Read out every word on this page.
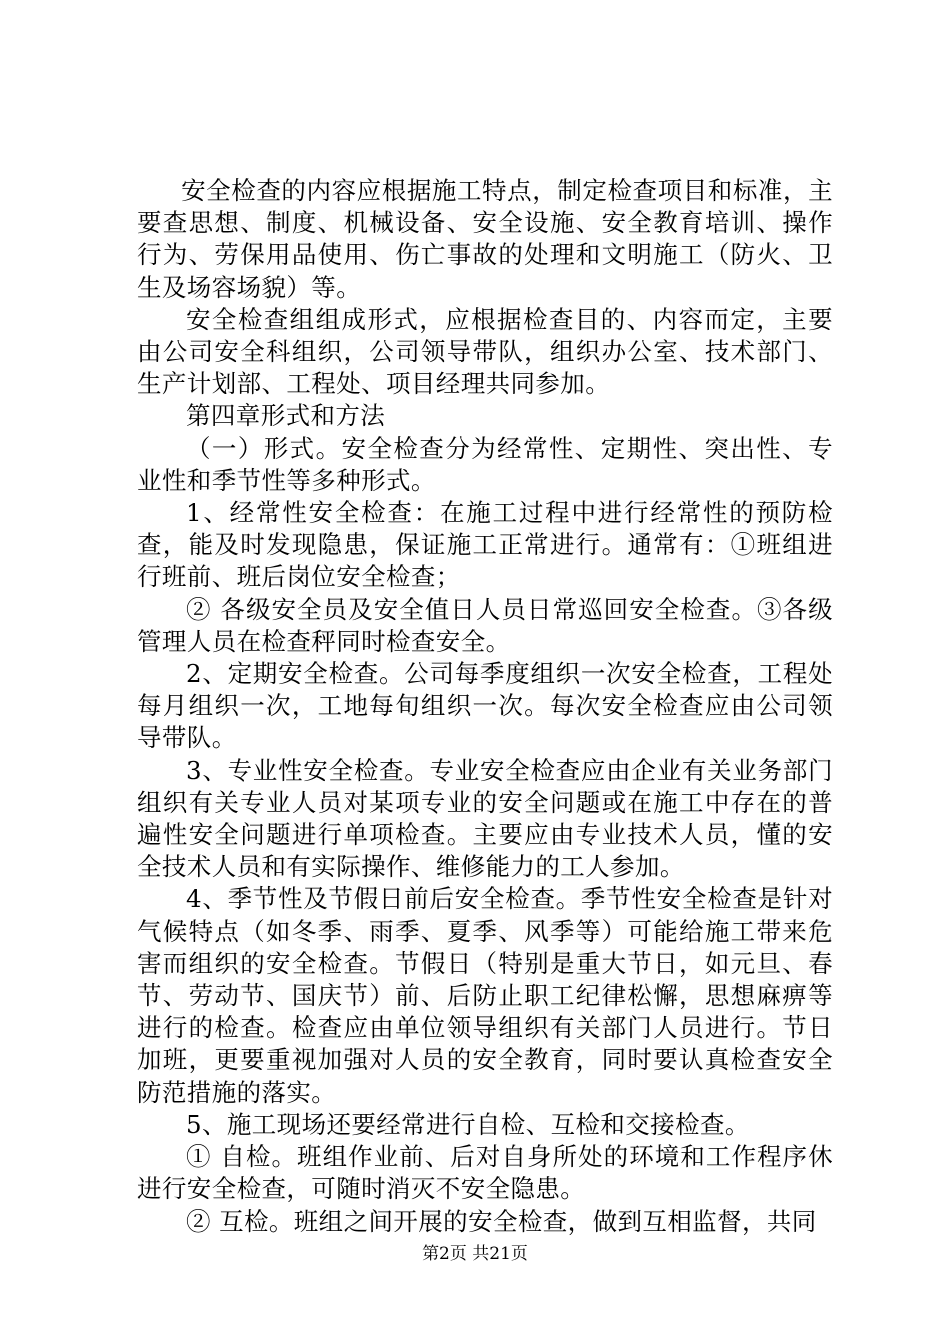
安全检查的内容应根据施工特点，制定检查项目和标准，主要查思想、制度、机械设备、安全设施、安全教育培训、操作行为、劳保用品使用、伤亡事故的处理和文明施工（防火、卫生及场容场貌）等。

安全检查组组成形式，应根据检查目的、内容而定，主要由公司安全科组织，公司领导带队，组织办公室、技术部门、生产计划部、工程处、项目经理共同参加。

第四章形式和方法

（一）形式。安全检查分为经常性、定期性、突出性、专业性和季节性等多种形式。

1、经常性安全检查：在施工过程中进行经常性的预防检查，能及时发现隐患，保证施工正常进行。通常有：①班组进行班前、班后岗位安全检查；

② 各级安全员及安全值日人员日常巡回安全检查。③各级管理人员在检查秤同时检查安全。

2、定期安全检查。公司每季度组织一次安全检查，工程处每月组织一次，工地每旬组织一次。每次安全检查应由公司领导带队。

3、专业性安全检查。专业安全检查应由企业有关业务部门组织有关专业人员对某项专业的安全问题或在施工中存在的普遍性安全问题进行单项检查。主要应由专业技术人员，懂的安全技术人员和有实际操作、维修能力的工人参加。

4、季节性及节假日前后安全检查。季节性安全检查是针对气候特点（如冬季、雨季、夏季、风季等）可能给施工带来危害而组织的安全检查。节假日（特别是重大节日，如元旦、春节、劳动节、国庆节）前、后防止职工纪律松懈，思想麻痹等进行的检查。检查应由单位领导组织有关部门人员进行。节日加班，更要重视加强对人员的安全教育，同时要认真检查安全防范措施的落实。

5、施工现场还要经常进行自检、互检和交接检查。

① 自检。班组作业前、后对自身所处的环境和工作程序休进行安全检查，可随时消灭不安全隐患。

② 互检。班组之间开展的安全检查，做到互相监督，共同

第2页 共21页
